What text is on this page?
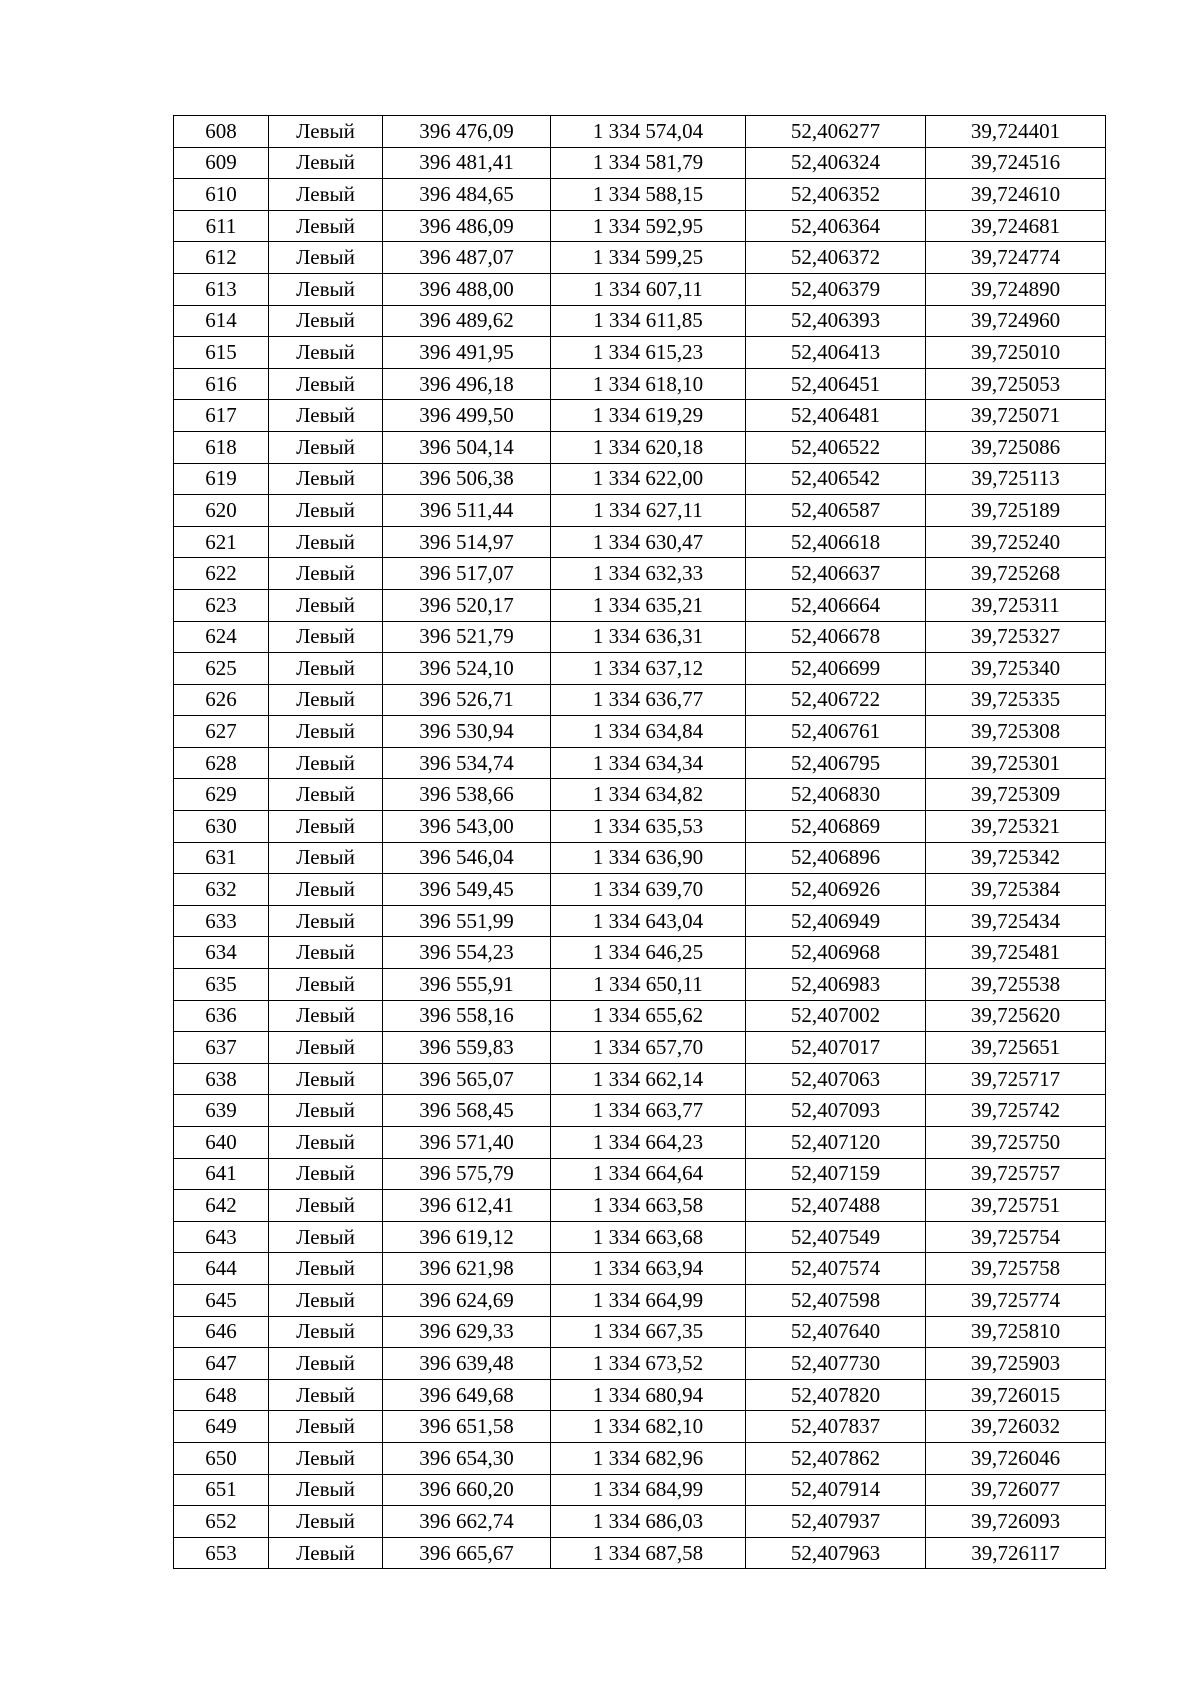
608	Левый	396 476,09	1 334 574,04	52,406277	39,724401
609	Левый	396 481,41	1 334 581,79	52,406324	39,724516
610	Левый	396 484,65	1 334 588,15	52,406352	39,724610
611	Левый	396 486,09	1 334 592,95	52,406364	39,724681
612	Левый	396 487,07	1 334 599,25	52,406372	39,724774
613	Левый	396 488,00	1 334 607,11	52,406379	39,724890
614	Левый	396 489,62	1 334 611,85	52,406393	39,724960
615	Левый	396 491,95	1 334 615,23	52,406413	39,725010
616	Левый	396 496,18	1 334 618,10	52,406451	39,725053
617	Левый	396 499,50	1 334 619,29	52,406481	39,725071
618	Левый	396 504,14	1 334 620,18	52,406522	39,725086
619	Левый	396 506,38	1 334 622,00	52,406542	39,725113
620	Левый	396 511,44	1 334 627,11	52,406587	39,725189
621	Левый	396 514,97	1 334 630,47	52,406618	39,725240
622	Левый	396 517,07	1 334 632,33	52,406637	39,725268
623	Левый	396 520,17	1 334 635,21	52,406664	39,725311
624	Левый	396 521,79	1 334 636,31	52,406678	39,725327
625	Левый	396 524,10	1 334 637,12	52,406699	39,725340
626	Левый	396 526,71	1 334 636,77	52,406722	39,725335
627	Левый	396 530,94	1 334 634,84	52,406761	39,725308
628	Левый	396 534,74	1 334 634,34	52,406795	39,725301
629	Левый	396 538,66	1 334 634,82	52,406830	39,725309
630	Левый	396 543,00	1 334 635,53	52,406869	39,725321
631	Левый	396 546,04	1 334 636,90	52,406896	39,725342
632	Левый	396 549,45	1 334 639,70	52,406926	39,725384
633	Левый	396 551,99	1 334 643,04	52,406949	39,725434
634	Левый	396 554,23	1 334 646,25	52,406968	39,725481
635	Левый	396 555,91	1 334 650,11	52,406983	39,725538
636	Левый	396 558,16	1 334 655,62	52,407002	39,725620
637	Левый	396 559,83	1 334 657,70	52,407017	39,725651
638	Левый	396 565,07	1 334 662,14	52,407063	39,725717
639	Левый	396 568,45	1 334 663,77	52,407093	39,725742
640	Левый	396 571,40	1 334 664,23	52,407120	39,725750
641	Левый	396 575,79	1 334 664,64	52,407159	39,725757
642	Левый	396 612,41	1 334 663,58	52,407488	39,725751
643	Левый	396 619,12	1 334 663,68	52,407549	39,725754
644	Левый	396 621,98	1 334 663,94	52,407574	39,725758
645	Левый	396 624,69	1 334 664,99	52,407598	39,725774
646	Левый	396 629,33	1 334 667,35	52,407640	39,725810
647	Левый	396 639,48	1 334 673,52	52,407730	39,725903
648	Левый	396 649,68	1 334 680,94	52,407820	39,726015
649	Левый	396 651,58	1 334 682,10	52,407837	39,726032
650	Левый	396 654,30	1 334 682,96	52,407862	39,726046
651	Левый	396 660,20	1 334 684,99	52,407914	39,726077
652	Левый	396 662,74	1 334 686,03	52,407937	39,726093
653	Левый	396 665,67	1 334 687,58	52,407963	39,726117
